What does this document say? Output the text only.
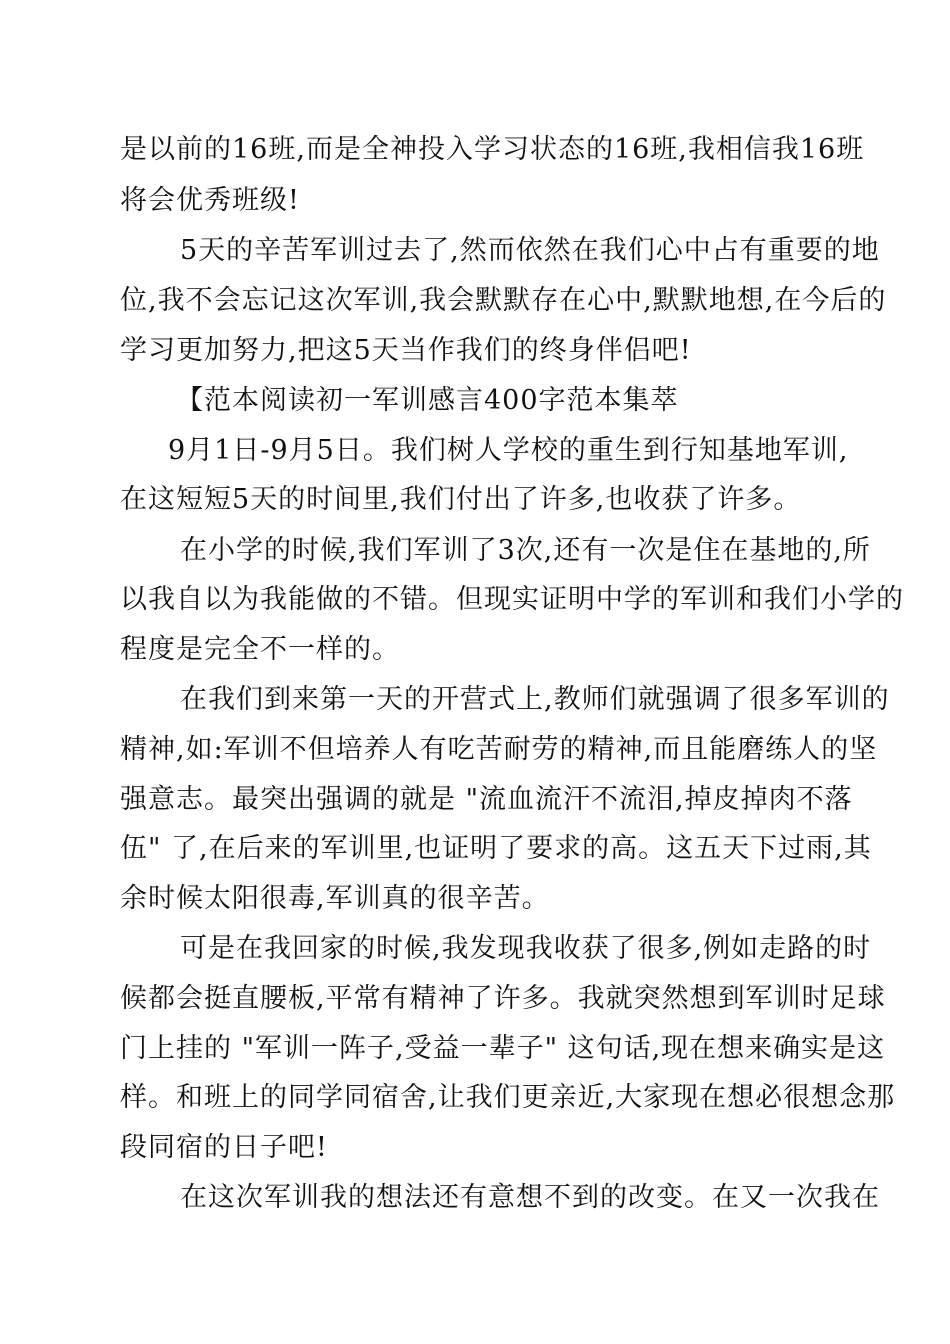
是以前的16班,而是全神投入学习状态的16班,我相信我16班
将会优秀班级!
5天的辛苦军训过去了,然而依然在我们心中占有重要的地
位,我不会忘记这次军训,我会默默存在心中,默默地想,在今后的
学习更加努力,把这5天当作我们的终身伴侣吧!
【范本阅读初一军训感言400字范本集萃
9月1日-9月5日。我们树人学校的重生到行知基地军训,
在这短短5天的时间里,我们付出了许多,也收获了许多。
在小学的时候,我们军训了3次,还有一次是住在基地的,所
以我自以为我能做的不错。但现实证明中学的军训和我们小学的
程度是完全不一样的。
在我们到来第一天的开营式上,教师们就强调了很多军训的
精神,如:军训不但培养人有吃苦耐劳的精神,而且能磨练人的坚
强意志。最突出强调的就是 "流血流汗不流泪,掉皮掉肉不落
伍" 了,在后来的军训里,也证明了要求的高。这五天下过雨,其
余时候太阳很毒,军训真的很辛苦。
可是在我回家的时候,我发现我收获了很多,例如走路的时
候都会挺直腰板,平常有精神了许多。我就突然想到军训时足球
门上挂的 "军训一阵子,受益一辈子" 这句话,现在想来确实是这
样。和班上的同学同宿舍,让我们更亲近,大家现在想必很想念那
段同宿的日子吧!
在这次军训我的想法还有意想不到的改变。在又一次我在
